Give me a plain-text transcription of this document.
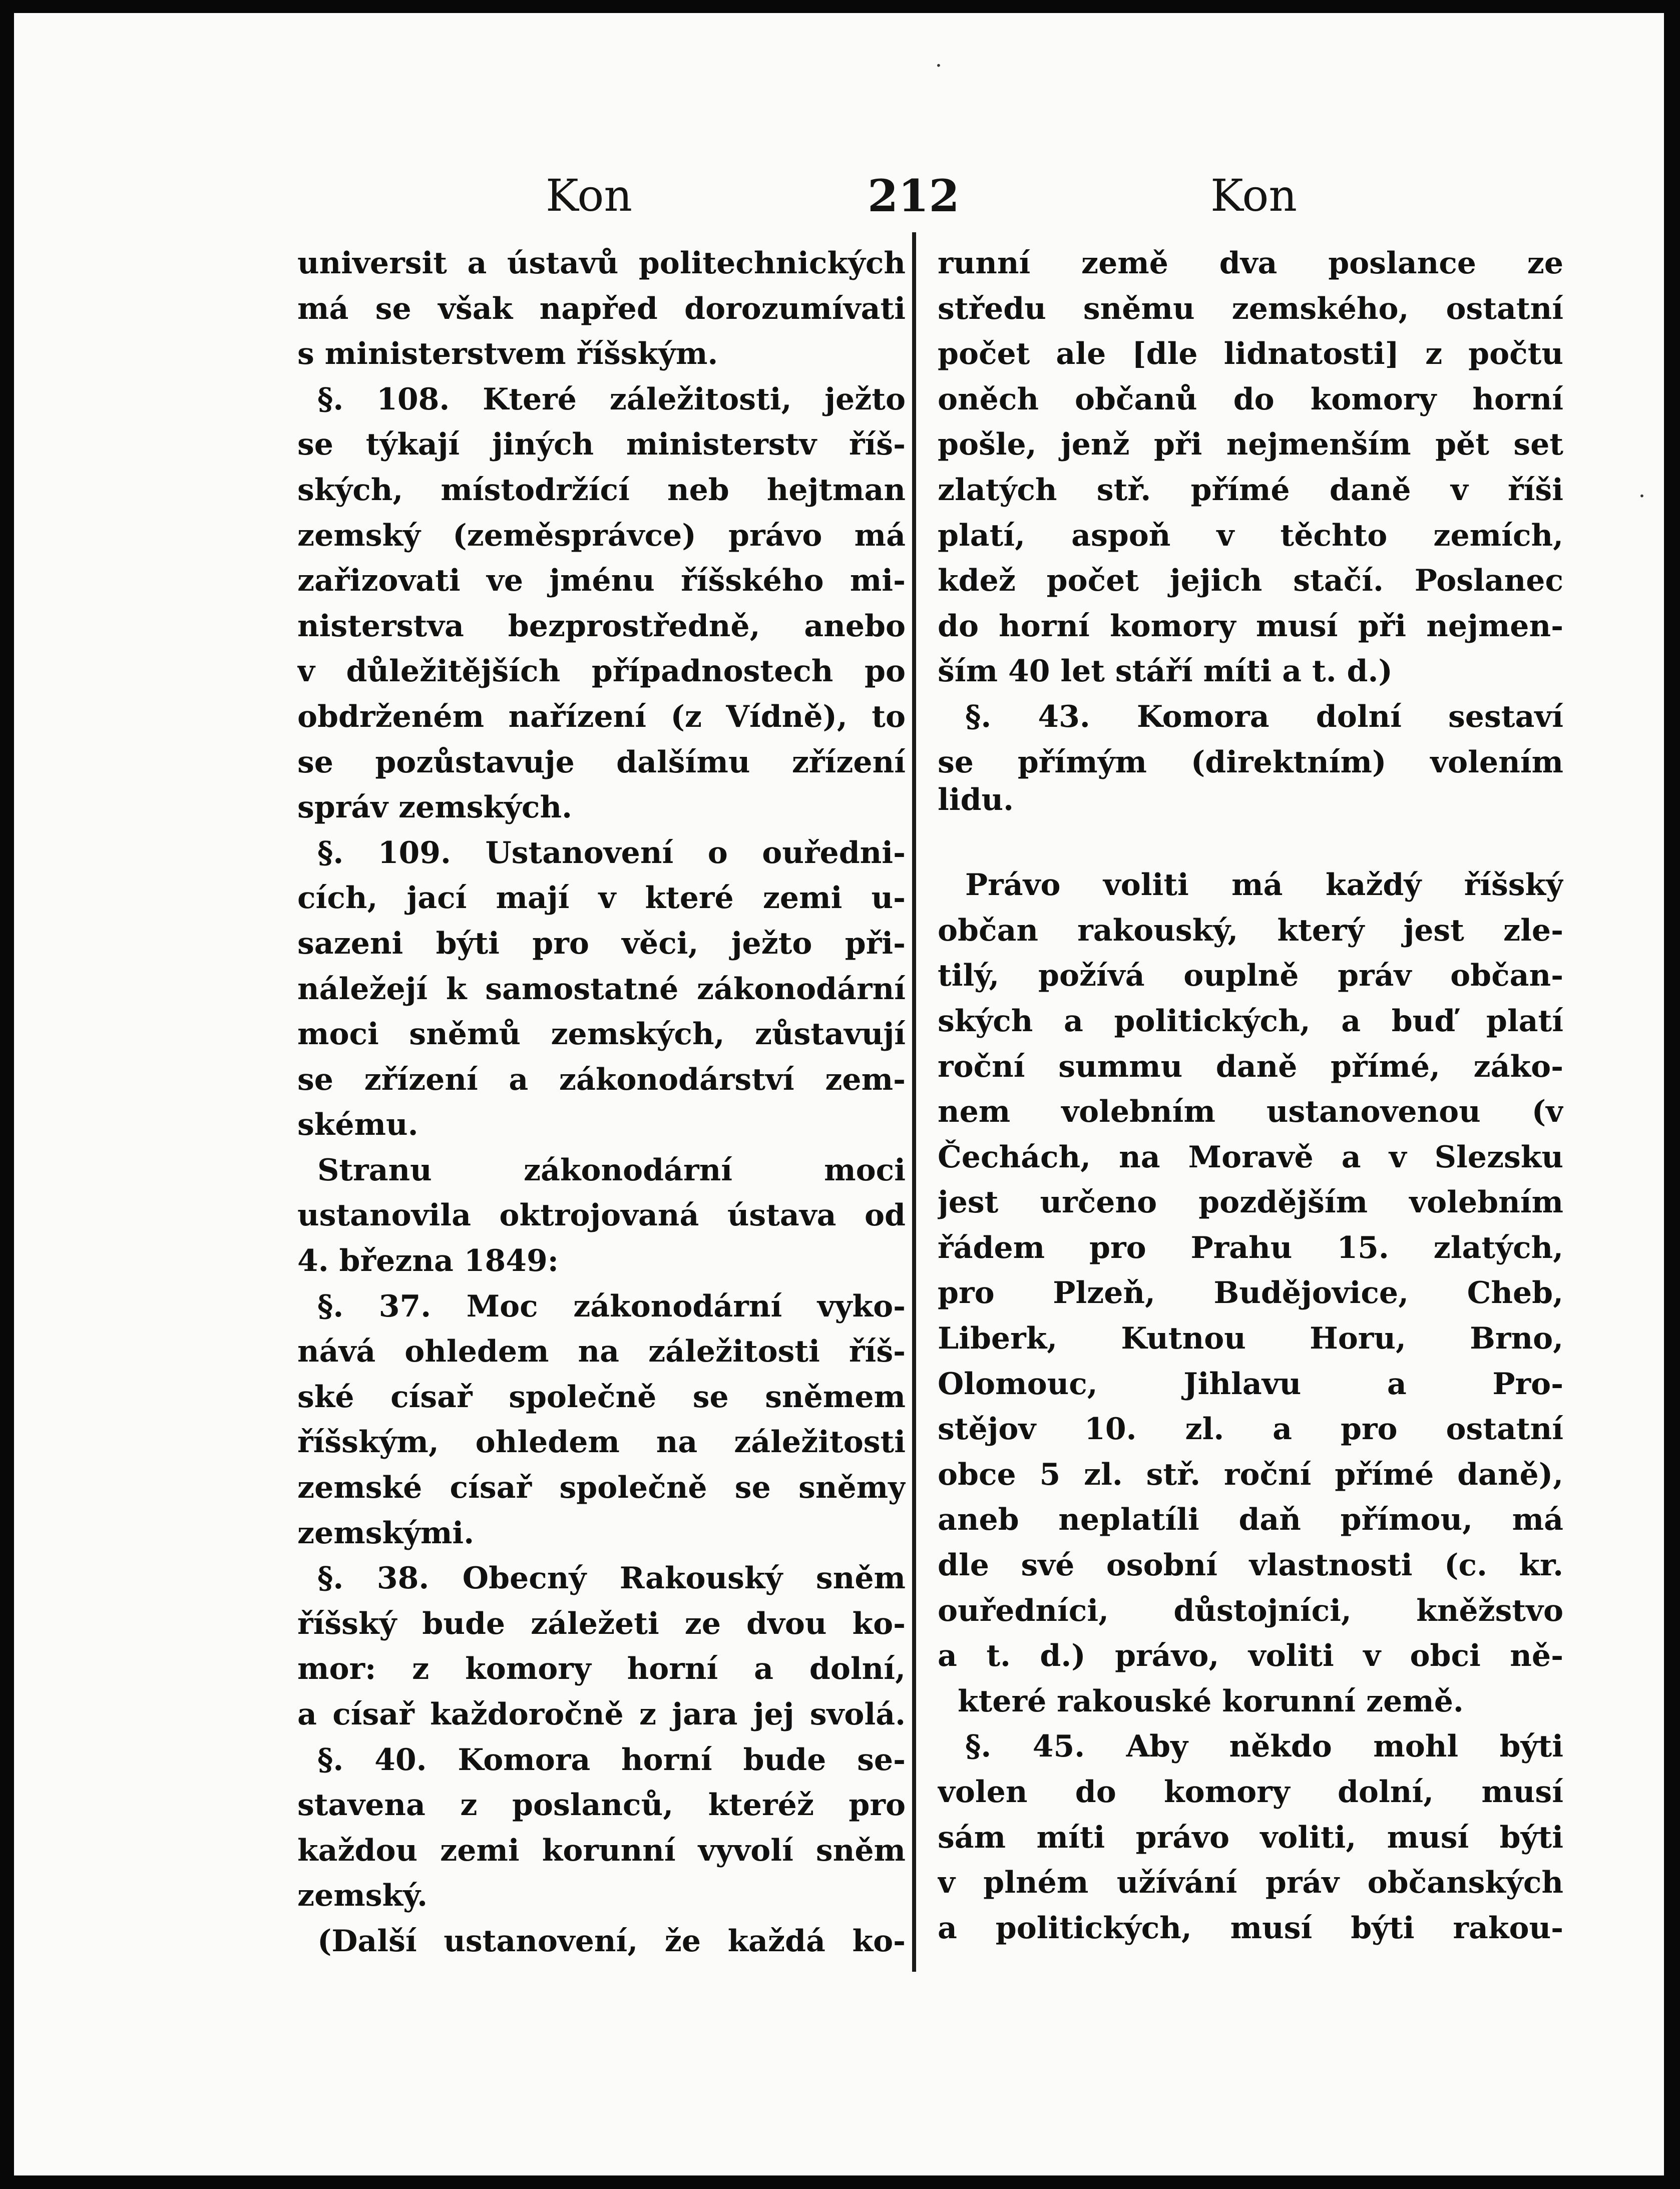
Kon	212	Kon
·
·
universit a ústavů politechnických
má se však napřed dorozumívati
s ministerstvem říšským.
§. 108. Které záležitosti, ježto
se týkají jiných ministerstv říš-
ských, místodržící neb hejtman
zemský (zeměsprávce) právo má
zařizovati ve jménu říšského mi-
nisterstva bezprostředně, anebo
v důležitějších případnostech po
obdrženém nařízení (z Vídně), to
se pozůstavuje dalšímu zřízení
správ zemských.
§. 109. Ustanovení o ouředni-
cích, jací mají v které zemi u-
sazeni býti pro věci, ježto při-
náležejí k samostatné zákonodární
moci sněmů zemských, zůstavují
se zřízení a zákonodárství zem-
skému.
Stranu zákonodární moci
ustanovila oktrojovaná ústava od
4. března 1849:
§. 37. Moc zákonodární vyko-
nává ohledem na záležitosti říš-
ské císař společně se sněmem
říšským, ohledem na záležitosti
zemské císař společně se sněmy
zemskými.
§. 38. Obecný Rakouský sněm
říšský bude záležeti ze dvou ko-
mor: z komory horní a dolní,
a císař každoročně z jara jej svolá.
§. 40. Komora horní bude se-
stavena z poslanců, kteréž pro
každou zemi korunní vyvolí sněm
zemský.
(Další ustanovení, že každá ko-
runní země dva poslance ze
středu sněmu zemského, ostatní
počet ale [dle lidnatosti] z počtu
oněch občanů do komory horní
pošle, jenž při nejmenším pět set
zlatých stř. přímé daně v říši
platí, aspoň v těchto zemích,
kdež počet jejich stačí. Poslanec
do horní komory musí při nejmen-
ším 40 let stáří míti a t. d.)
§. 43. Komora dolní sestaví
se přímým (direktním) volením
lidu.
Právo voliti má každý říšský
občan rakouský, který jest zle-
tilý, požívá ouplně práv občan-
ských a politických, a buď platí
roční summu daně přímé, záko-
nem volebním ustanovenou (v
Čechách, na Moravě a v Slezsku
jest určeno pozdějším volebním
řádem pro Prahu 15. zlatých,
pro Plzeň, Budějovice, Cheb,
Liberk, Kutnou Horu, Brno,
Olomouc, Jihlavu a Pro-
stějov 10. zl. a pro ostatní
obce 5 zl. stř. roční přímé daně),
aneb neplatíli daň přímou, má
dle své osobní vlastnosti (c. kr.
ouředníci, důstojníci, kněžstvo
a t. d.) právo, voliti v obci ně-
které rakouské korunní země.
§. 45. Aby někdo mohl býti
volen do komory dolní, musí
sám míti právo voliti, musí býti
v plném užívání práv občanských
a politických, musí býti rakou-
